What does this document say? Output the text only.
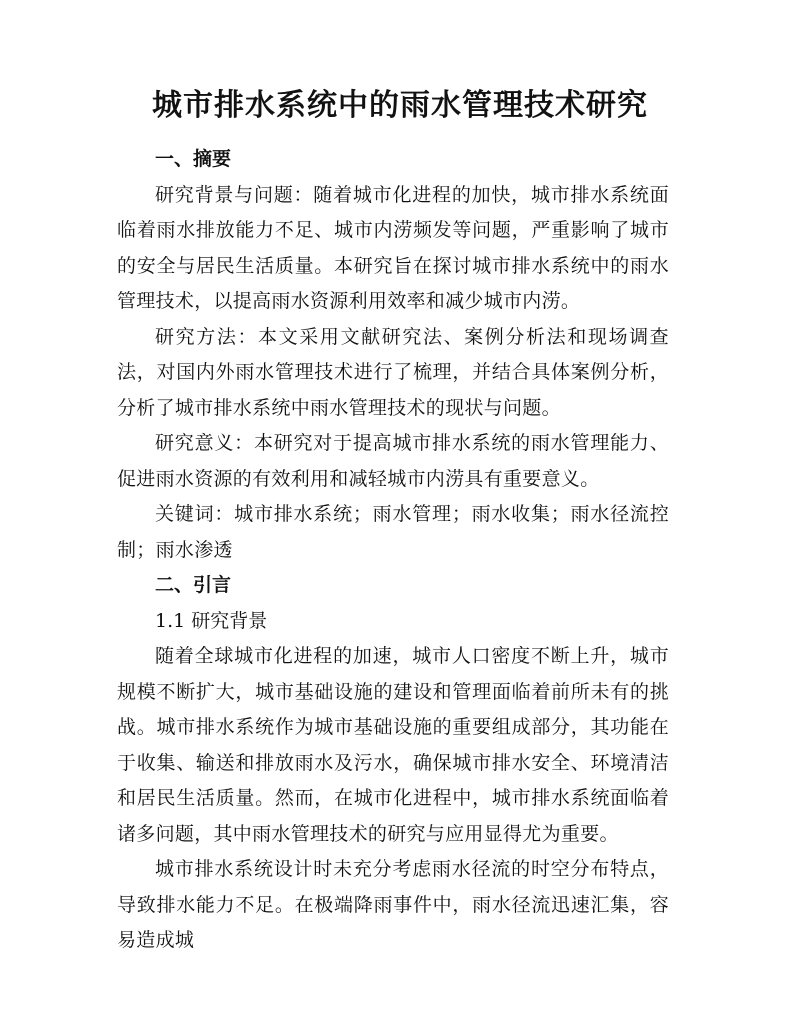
城市排水系统中的雨水管理技术研究
一、摘要

研究背景与问题：随着城市化进程的加快，城市排水系统面临着雨水排放能力不足、城市内涝频发等问题，严重影响了城市的安全与居民生活质量。本研究旨在探讨城市排水系统中的雨水管理技术，以提高雨水资源利用效率和减少城市内涝。

研究方法：本文采用文献研究法、案例分析法和现场调查法，对国内外雨水管理技术进行了梳理，并结合具体案例分析，分析了城市排水系统中雨水管理技术的现状与问题。

研究意义：本研究对于提高城市排水系统的雨水管理能力、促进雨水资源的有效利用和减轻城市内涝具有重要意义。

关键词：城市排水系统；雨水管理；雨水收集；雨水径流控制；雨水渗透

二、引言

1.1 研究背景

随着全球城市化进程的加速，城市人口密度不断上升，城市规模不断扩大，城市基础设施的建设和管理面临着前所未有的挑战。城市排水系统作为城市基础设施的重要组成部分，其功能在于收集、输送和排放雨水及污水，确保城市排水安全、环境清洁和居民生活质量。然而，在城市化进程中，城市排水系统面临着诸多问题，其中雨水管理技术的研究与应用显得尤为重要。

城市排水系统设计时未充分考虑雨水径流的时空分布特点，导致排水能力不足。在极端降雨事件中，雨水径流迅速汇集，容易造成城
